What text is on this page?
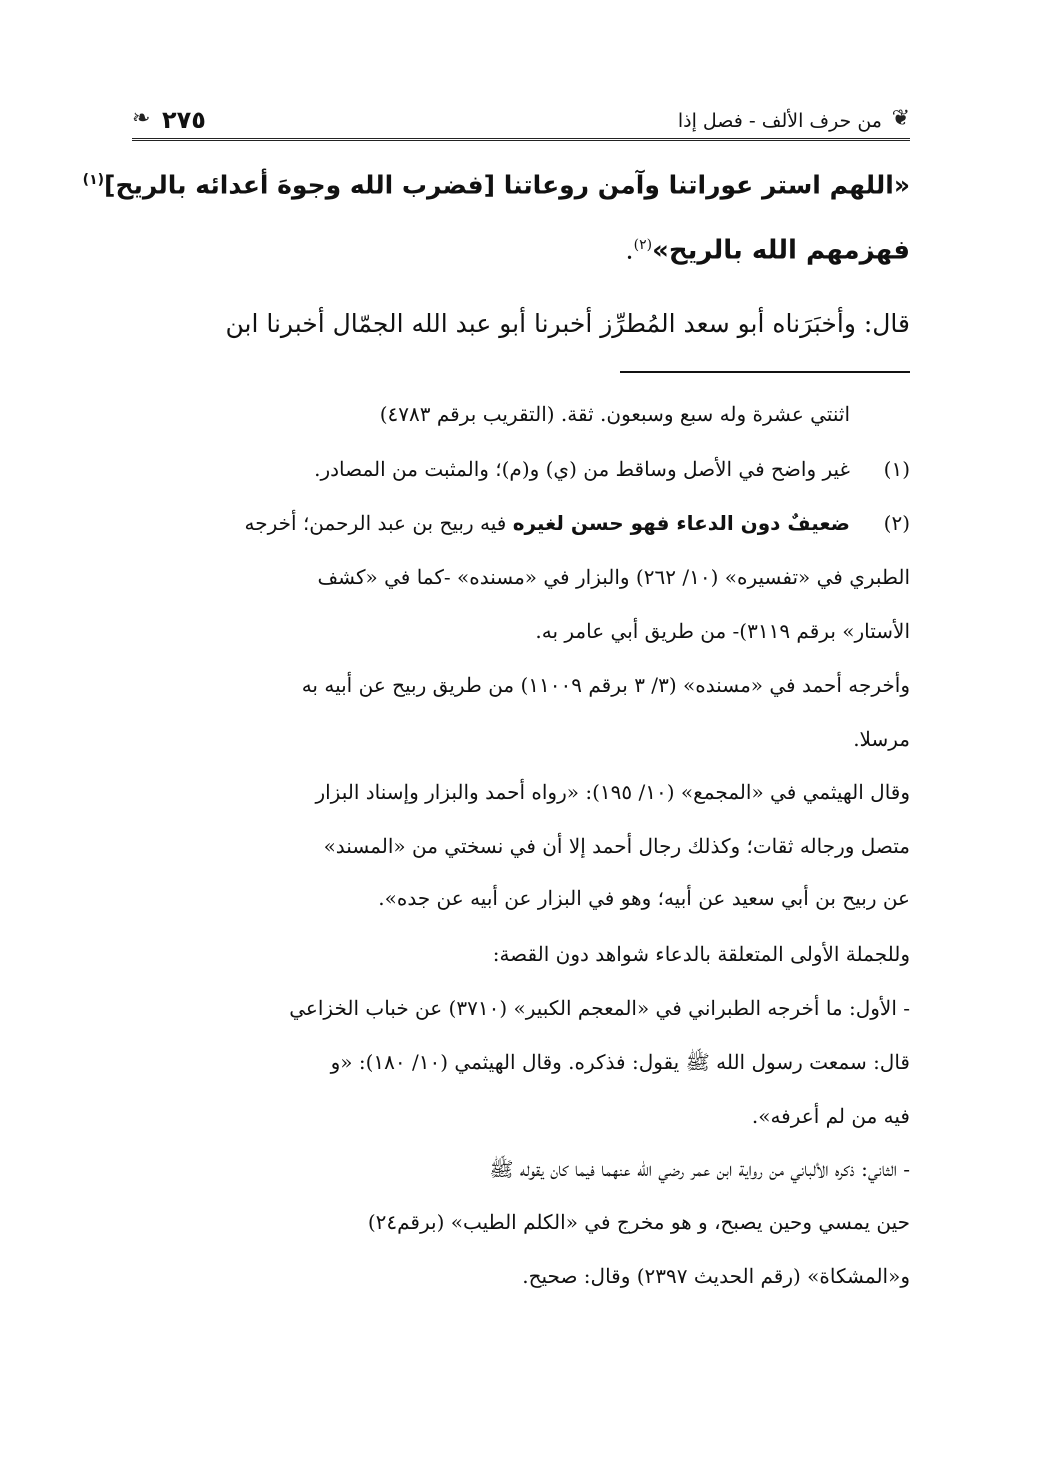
❦
من حرف الألف - فصل إذا
٢٧٥
❧
«اللهم استر عوراتنا وآمن روعاتنا [فضرب الله وجوهَ أعدائه بالريح]$^{(١)}$
فهزمهم الله بالريح»$^{(٢)}$.
قال: وأخبَرَناه أبو سعد المُطرِّز أخبرنا أبو عبد الله الجمّال أخبرنا ابن
اثنتي عشرة وله سبع وسبعون. ثقة. (التقريب برقم ٤٧٨٣)
(١)
غير واضح في الأصل وساقط من (ي) و(م)؛ والمثبت من المصادر.
(٢)
ضعيفٌ دون الدعاء فهو حسن لغيره فيه ربيح بن عبد الرحمن؛ أخرجه
الطبري في «تفسيره» (١٠/ ٢٦٢) والبزار في «مسنده» -كما في «كشف
الأستار» برقم ٣١١٩)- من طريق أبي عامر به.
وأخرجه أحمد في «مسنده» (٣/ ٣ برقم ١١٠٠٩) من طريق ربيح عن أبيه به
مرسلا.
وقال الهيثمي في «المجمع» (١٠/ ١٩٥): «رواه أحمد والبزار وإسناد البزار
متصل ورجاله ثقات؛ وكذلك رجال أحمد إلا أن في نسختي من «المسند»
عن ربيح بن أبي سعيد عن أبيه؛ وهو في البزار عن أبيه عن جده».
وللجملة الأولى المتعلقة بالدعاء شواهد دون القصة:
- الأول: ما أخرجه الطبراني في «المعجم الكبير» (٣٧١٠) عن خباب الخزاعي
قال: سمعت رسول الله ﷺ يقول: فذكره. وقال الهيثمي (١٠/ ١٨٠): «و
فيه من لم أعرفه».
- الثاني: ذكره الألباني من رواية ابن عمر رضي الله عنهما فيما كان يقوله ﷺ
حين يمسي وحين يصبح، و هو مخرج في «الكلم الطيب» (برقم٢٤)
و«المشكاة» (رقم الحديث ٢٣٩٧) وقال: صحيح.
